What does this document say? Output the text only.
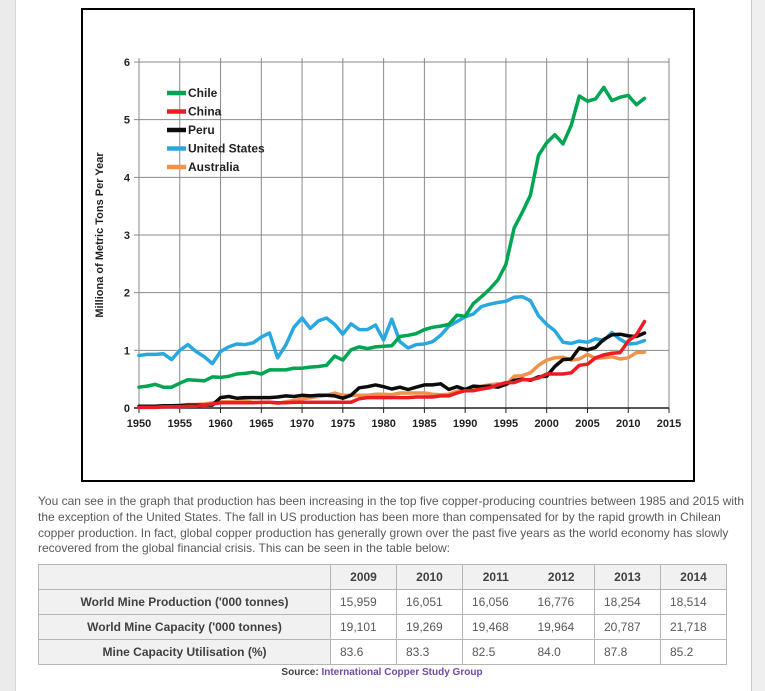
1950 1955 1960 1965 1970 1975 1980 1985 1990 1995 2000 2005 2010 2015
0
1
2
3
4
5
6
Milliona of Metric Tons Per Year
Chile
China
Peru
United States
Australia

You can see in the graph that production has been increasing in the top five copper-producing countries between 1985 and 2015 with the exception of the United States. The fall in US production has been more than compensated for by the rapid growth in Chilean copper production. In fact, global copper production has generally grown over the past five years as the world economy has slowly recovered from the global financial crisis. This can be seen in the table below:

	2009	2010	2011	2012	2013	2014
World Mine Production ('000 tonnes)	15,959	16,051	16,056	16,776	18,254	18,514
World Mine Capacity ('000 tonnes)	19,101	19,269	19,468	19,964	20,787	21,718
Mine Capacity Utilisation (%)	83.6	83.3	82.5	84.0	87.8	85.2
Source: International Copper Study Group
